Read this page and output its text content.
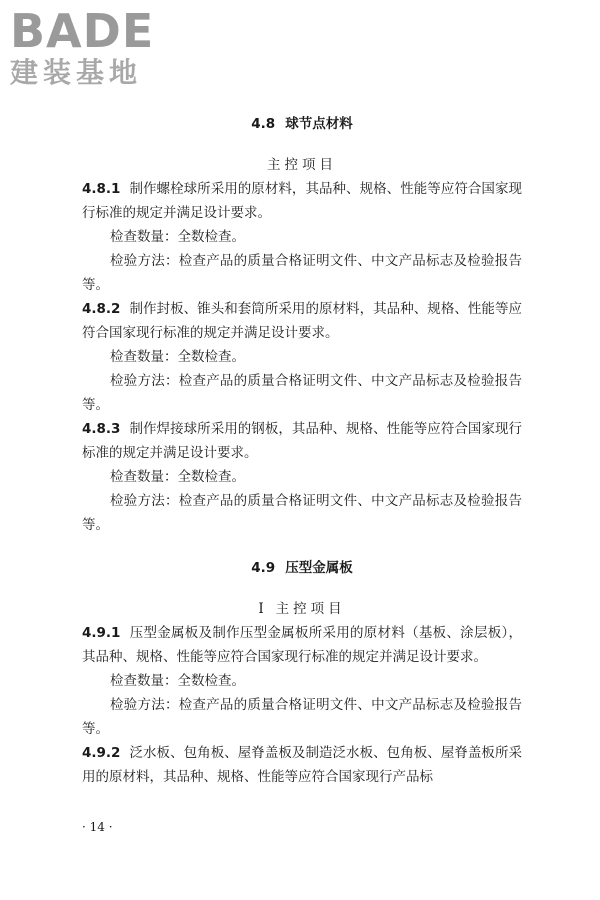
BADE
建装基地
4.8 球节点材料
主控项目
4.8.1 制作螺栓球所采用的原材料，其品种、规格、性能等应符合国家现行标准的规定并满足设计要求。
检查数量：全数检查。
检验方法：检查产品的质量合格证明文件、中文产品标志及检验报告等。
4.8.2 制作封板、锥头和套筒所采用的原材料，其品种、规格、性能等应符合国家现行标准的规定并满足设计要求。
检查数量：全数检查。
检验方法：检查产品的质量合格证明文件、中文产品标志及检验报告等。
4.8.3 制作焊接球所采用的钢板，其品种、规格、性能等应符合国家现行标准的规定并满足设计要求。
检查数量：全数检查。
检验方法：检查产品的质量合格证明文件、中文产品标志及检验报告等。
4.9 压型金属板
I 主控项目
4.9.1 压型金属板及制作压型金属板所采用的原材料（基板、涂层板），其品种、规格、性能等应符合国家现行标准的规定并满足设计要求。
检查数量：全数检查。
检验方法：检查产品的质量合格证明文件、中文产品标志及检验报告等。
4.9.2 泛水板、包角板、屋脊盖板及制造泛水板、包角板、屋脊盖板所采用的原材料，其品种、规格、性能等应符合国家现行产品标
· 14 ·
